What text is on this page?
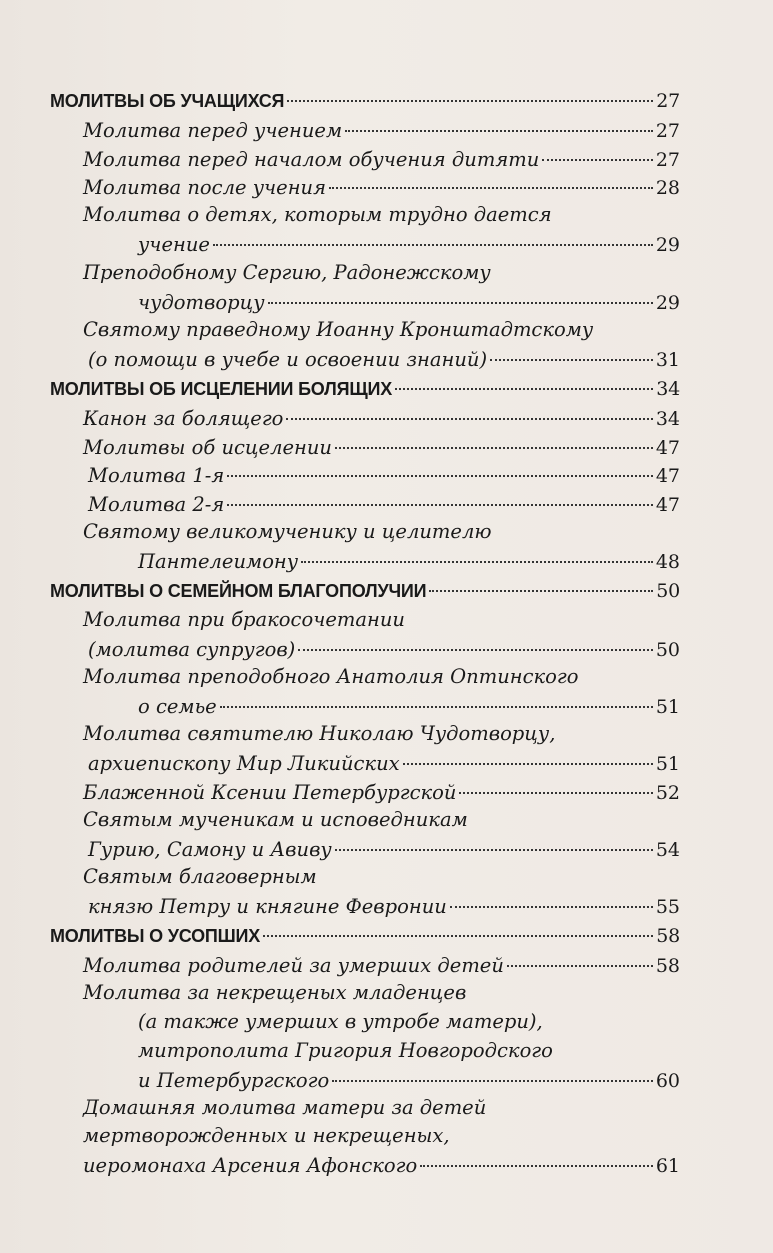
МОЛИТВЫ ОБ УЧАЩИХСЯ	27
Молитва перед учением	27
Молитва перед началом обучения дитяти	27
Молитва после учения	28
Молитва о детях, которым трудно дается
учение	29
Преподобному Сергию, Радонежскому
чудотворцу	29
Святому праведному Иоанну Кронштадтскому
(о помощи в учебе и освоении знаний)	31
МОЛИТВЫ ОБ ИСЦЕЛЕНИИ БОЛЯЩИХ	34
Канон за болящего	34
Молитвы об исцелении	47
Молитва 1-я	47
Молитва 2-я	47
Святому великомученику и целителю
Пантелеимону	48
МОЛИТВЫ О СЕМЕЙНОМ БЛАГОПОЛУЧИИ	50
Молитва при бракосочетании
(молитва супругов)	50
Молитва преподобного Анатолия Оптинского
о семье	51
Молитва святителю Николаю Чудотворцу,
архиепископу Мир Ликийских	51
Блаженной Ксении Петербургской	52
Святым мученикам и исповедникам
Гурию, Самону и Авиву	54
Святым благоверным
князю Петру и княгине Февронии	55
МОЛИТВЫ О УСОПШИХ	58
Молитва родителей за умерших детей	58
Молитва за некрещеных младенцев
(а также умерших в утробе матери),
митрополита Григория Новгородского
и Петербургского	60
Домашняя молитва матери за детей
мертворожденных и некрещеных,
иеромонаха Арсения Афонского	61
